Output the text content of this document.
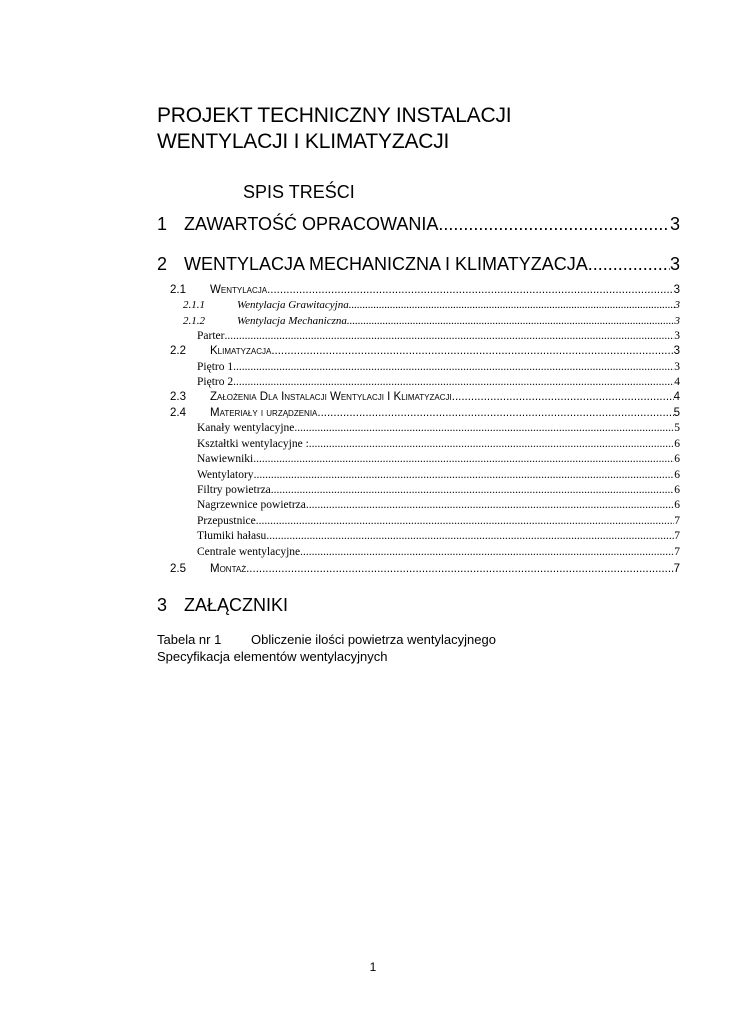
PROJEKT TECHNICZNY INSTALACJI
WENTYLACJI I KLIMATYZACJI
SPIS TREŚCI
1 ZAWARTOŚĆ OPRACOWANIA .....	3
2 WENTYLACJA MECHANICZNA I KLIMATYZACJA .....	3
2.1	Wentylacja .....	3
2.1.1	Wentylacja Grawitacyjna .....	3
2.1.2	Wentylacja Mechaniczna .....	3
Parter .....	3
2.2	Klimatyzacja .....	3
Piętro 1 .....	3
Piętro 2 .....	4
2.3	Założenia Dla Instalacji Wentylacji I Klimatyzacji .....	4
2.4	Materiały i urządzenia .....	5
Kanały wentylacyjne .....	5
Kształtki wentylacyjne : .....	6
Nawiewniki .....	6
Wentylatory .....	6
Filtry powietrza .....	6
Nagrzewnice powietrza .....	6
Przepustnice .....	7
Tłumiki hałasu .....	7
Centrale wentylacyjne .....	7
2.5	Montaż .....	7
3 ZAŁĄCZNIKI
Tabela nr 1 Obliczenie ilości powietrza wentylacyjnego
Specyfikacja elementów wentylacyjnych
1
